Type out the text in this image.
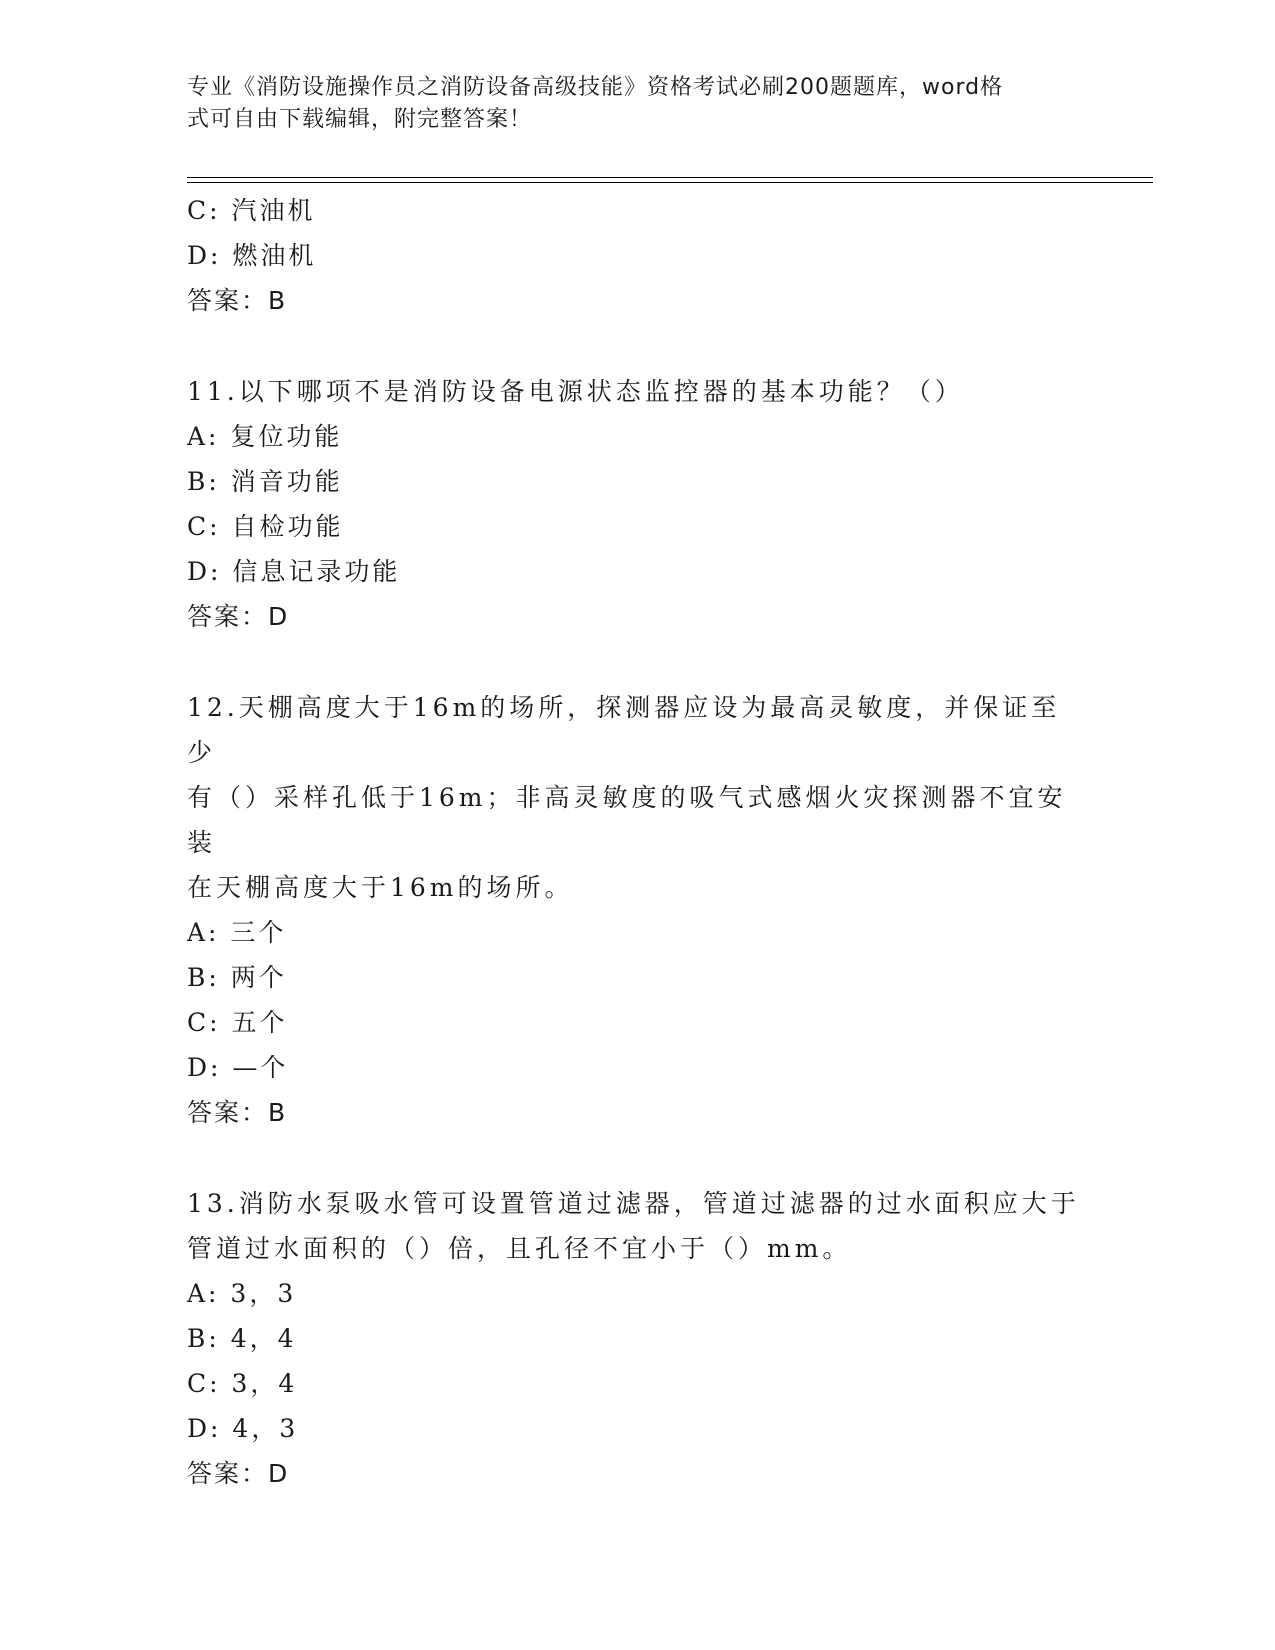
专业《消防设施操作员之消防设备高级技能》资格考试必刷200题题库，word格
式可自由下载编辑，附完整答案！
C: 汽油机
D: 燃油机
答案：B
11.以下哪项不是消防设备电源状态监控器的基本功能？（）
A: 复位功能
B: 消音功能
C: 自检功能
D: 信息记录功能
答案：D
12.天棚高度大于16m的场所，探测器应设为最高灵敏度，并保证至少
有（）采样孔低于16m；非高灵敏度的吸气式感烟火灾探测器不宜安装
在天棚高度大于16m的场所。
A: 三个
B: 两个
C: 五个
D: —个
答案：B
13.消防水泵吸水管可设置管道过滤器，管道过滤器的过水面积应大于
管道过水面积的（）倍，且孔径不宜小于（）mm。
A: 3，3
B: 4，4
C: 3，4
D: 4，3
答案：D
